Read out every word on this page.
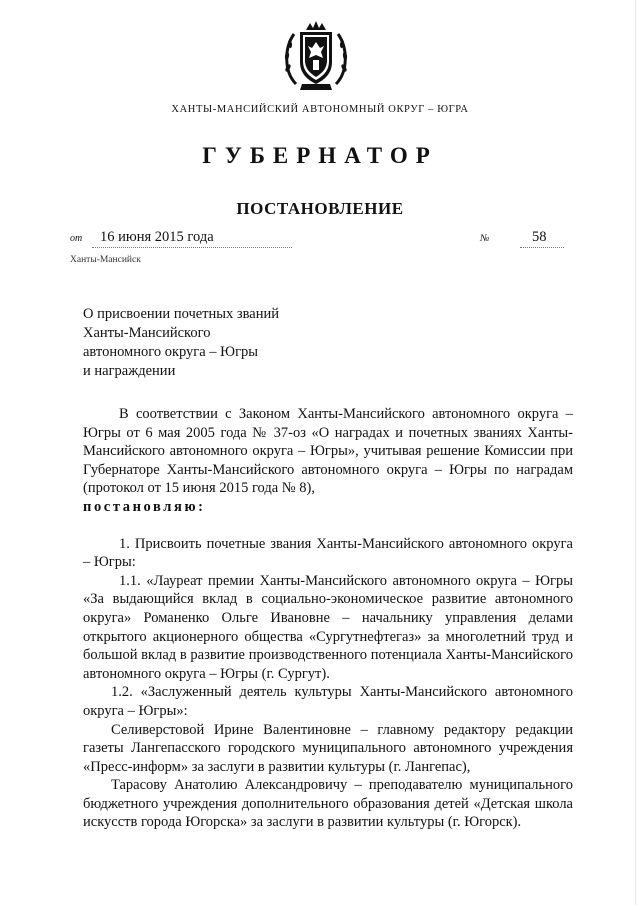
ХАНТЫ-МАНСИЙСКИЙ АВТОНОМНЫЙ ОКРУГ – ЮГРА
ГУБЕРНАТОР
ПОСТАНОВЛЕНИЕ
от 16 июня 2015 года	№	58
Ханты-Мансийск
О присвоении почетных званий
Ханты-Мансийского
автономного округа – Югры
и награждении

В соответствии с Законом Ханты-Мансийского автономного округа – Югры от 6 мая 2005 года № 37-оз «О наградах и почетных званиях Ханты-Мансийского автономного округа – Югры», учитывая решение Комиссии при Губернаторе Ханты-Мансийского автономного округа – Югры по наградам (протокол от 15 июня 2015 года № 8),
постановляю:

1. Присвоить почетные звания Ханты-Мансийского автономного округа – Югры:

1.1. «Лауреат премии Ханты-Мансийского автономного округа – Югры «За выдающийся вклад в социально-экономическое развитие автономного округа» Романенко Ольге Ивановне – начальнику управления делами открытого акционерного общества «Сургутнефтегаз» за многолетний труд и большой вклад в развитие производственного потенциала Ханты-Мансийского автономного округа – Югры (г. Сургут).

1.2. «Заслуженный деятель культуры Ханты-Мансийского автономного округа – Югры»:

Селиверстовой Ирине Валентиновне – главному редактору редакции газеты Лангепасского городского муниципального автономного учреждения «Пресс-информ» за заслуги в развитии культуры (г. Лангепас),

Тарасову Анатолию Александровичу – преподавателю муниципального бюджетного учреждения дополнительного образования детей «Детская школа искусств города Югорска» за заслуги в развитии культуры (г. Югорск).
